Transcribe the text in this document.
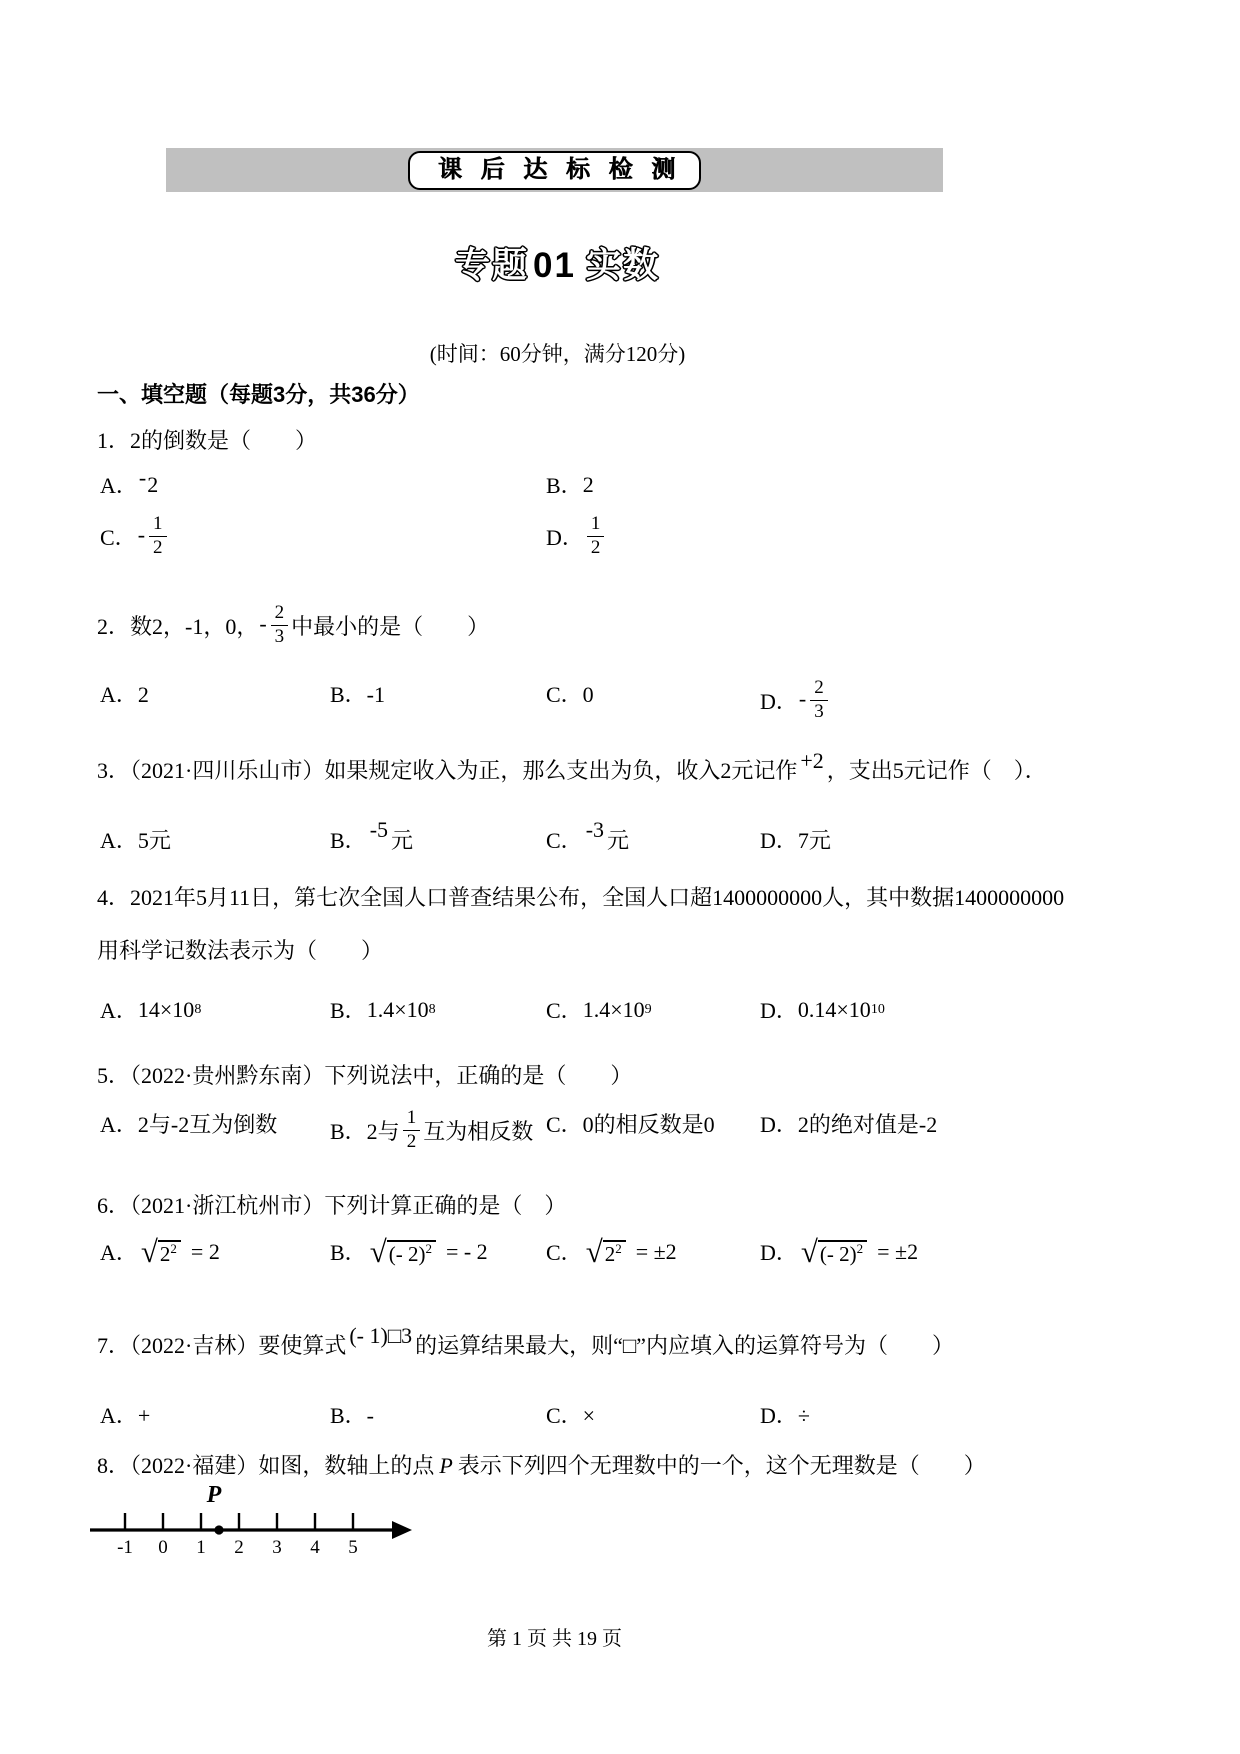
课 后 达 标 检 测
专题 01 实数
(时间：60分钟，满分120分)
一、填空题（每题3分，共36分）
1．2的倒数是（　　）
A． - 2	B． 2
C． - $\frac{1}{2}$	D． $\frac{1}{2}$
2． 数2，-1，0， - $\frac{2}{3}$ 中最小的是（　　）
A．2	B．-1	C．0	D． - $\frac{2}{3}$
3．（2021·四川乐山市）如果规定收入为正，那么支出为负，收入2元记作 +2 ，支出5元记作（　）．
A．5元	B． -5 元	C． -3 元	D．7元
4．2021年5月11日，第七次全国人口普查结果公布，全国人口超1400000000人，其中数据1400000000
用科学记数法表示为（　　）
A． 14×10 8	B． 1.4×10 8	C． 1.4×10 9	D． 0.14×10 10
5．（2022·贵州黔东南）下列说法中，正确的是（　　）
A．2与-2互为倒数 B．2与 $\frac{1}{2}$ 互为相反数 C．0的相反数是0 D．2的绝对值是-2
6．（2021·浙江杭州市）下列计算正确的是（　）
A． √ $2^2 = 2$	B． √ (- 2)$^2$ = - 2	C． √ $2^2 = \pm 2$	D． √ (- 2)$^2$ = ±2
7．（2022·吉林）要使算式 (- 1)□3 的运算结果最大，则“□”内应填入的运算符号为（　　）
A．+	B．-	C．×	D．÷
8．（2022·福建）如图，数轴上的点 P 表示下列四个无理数中的一个，这个无理数是（　　）
P
-1 0 1 2 3 4 5
第 1 页 共 19 页
